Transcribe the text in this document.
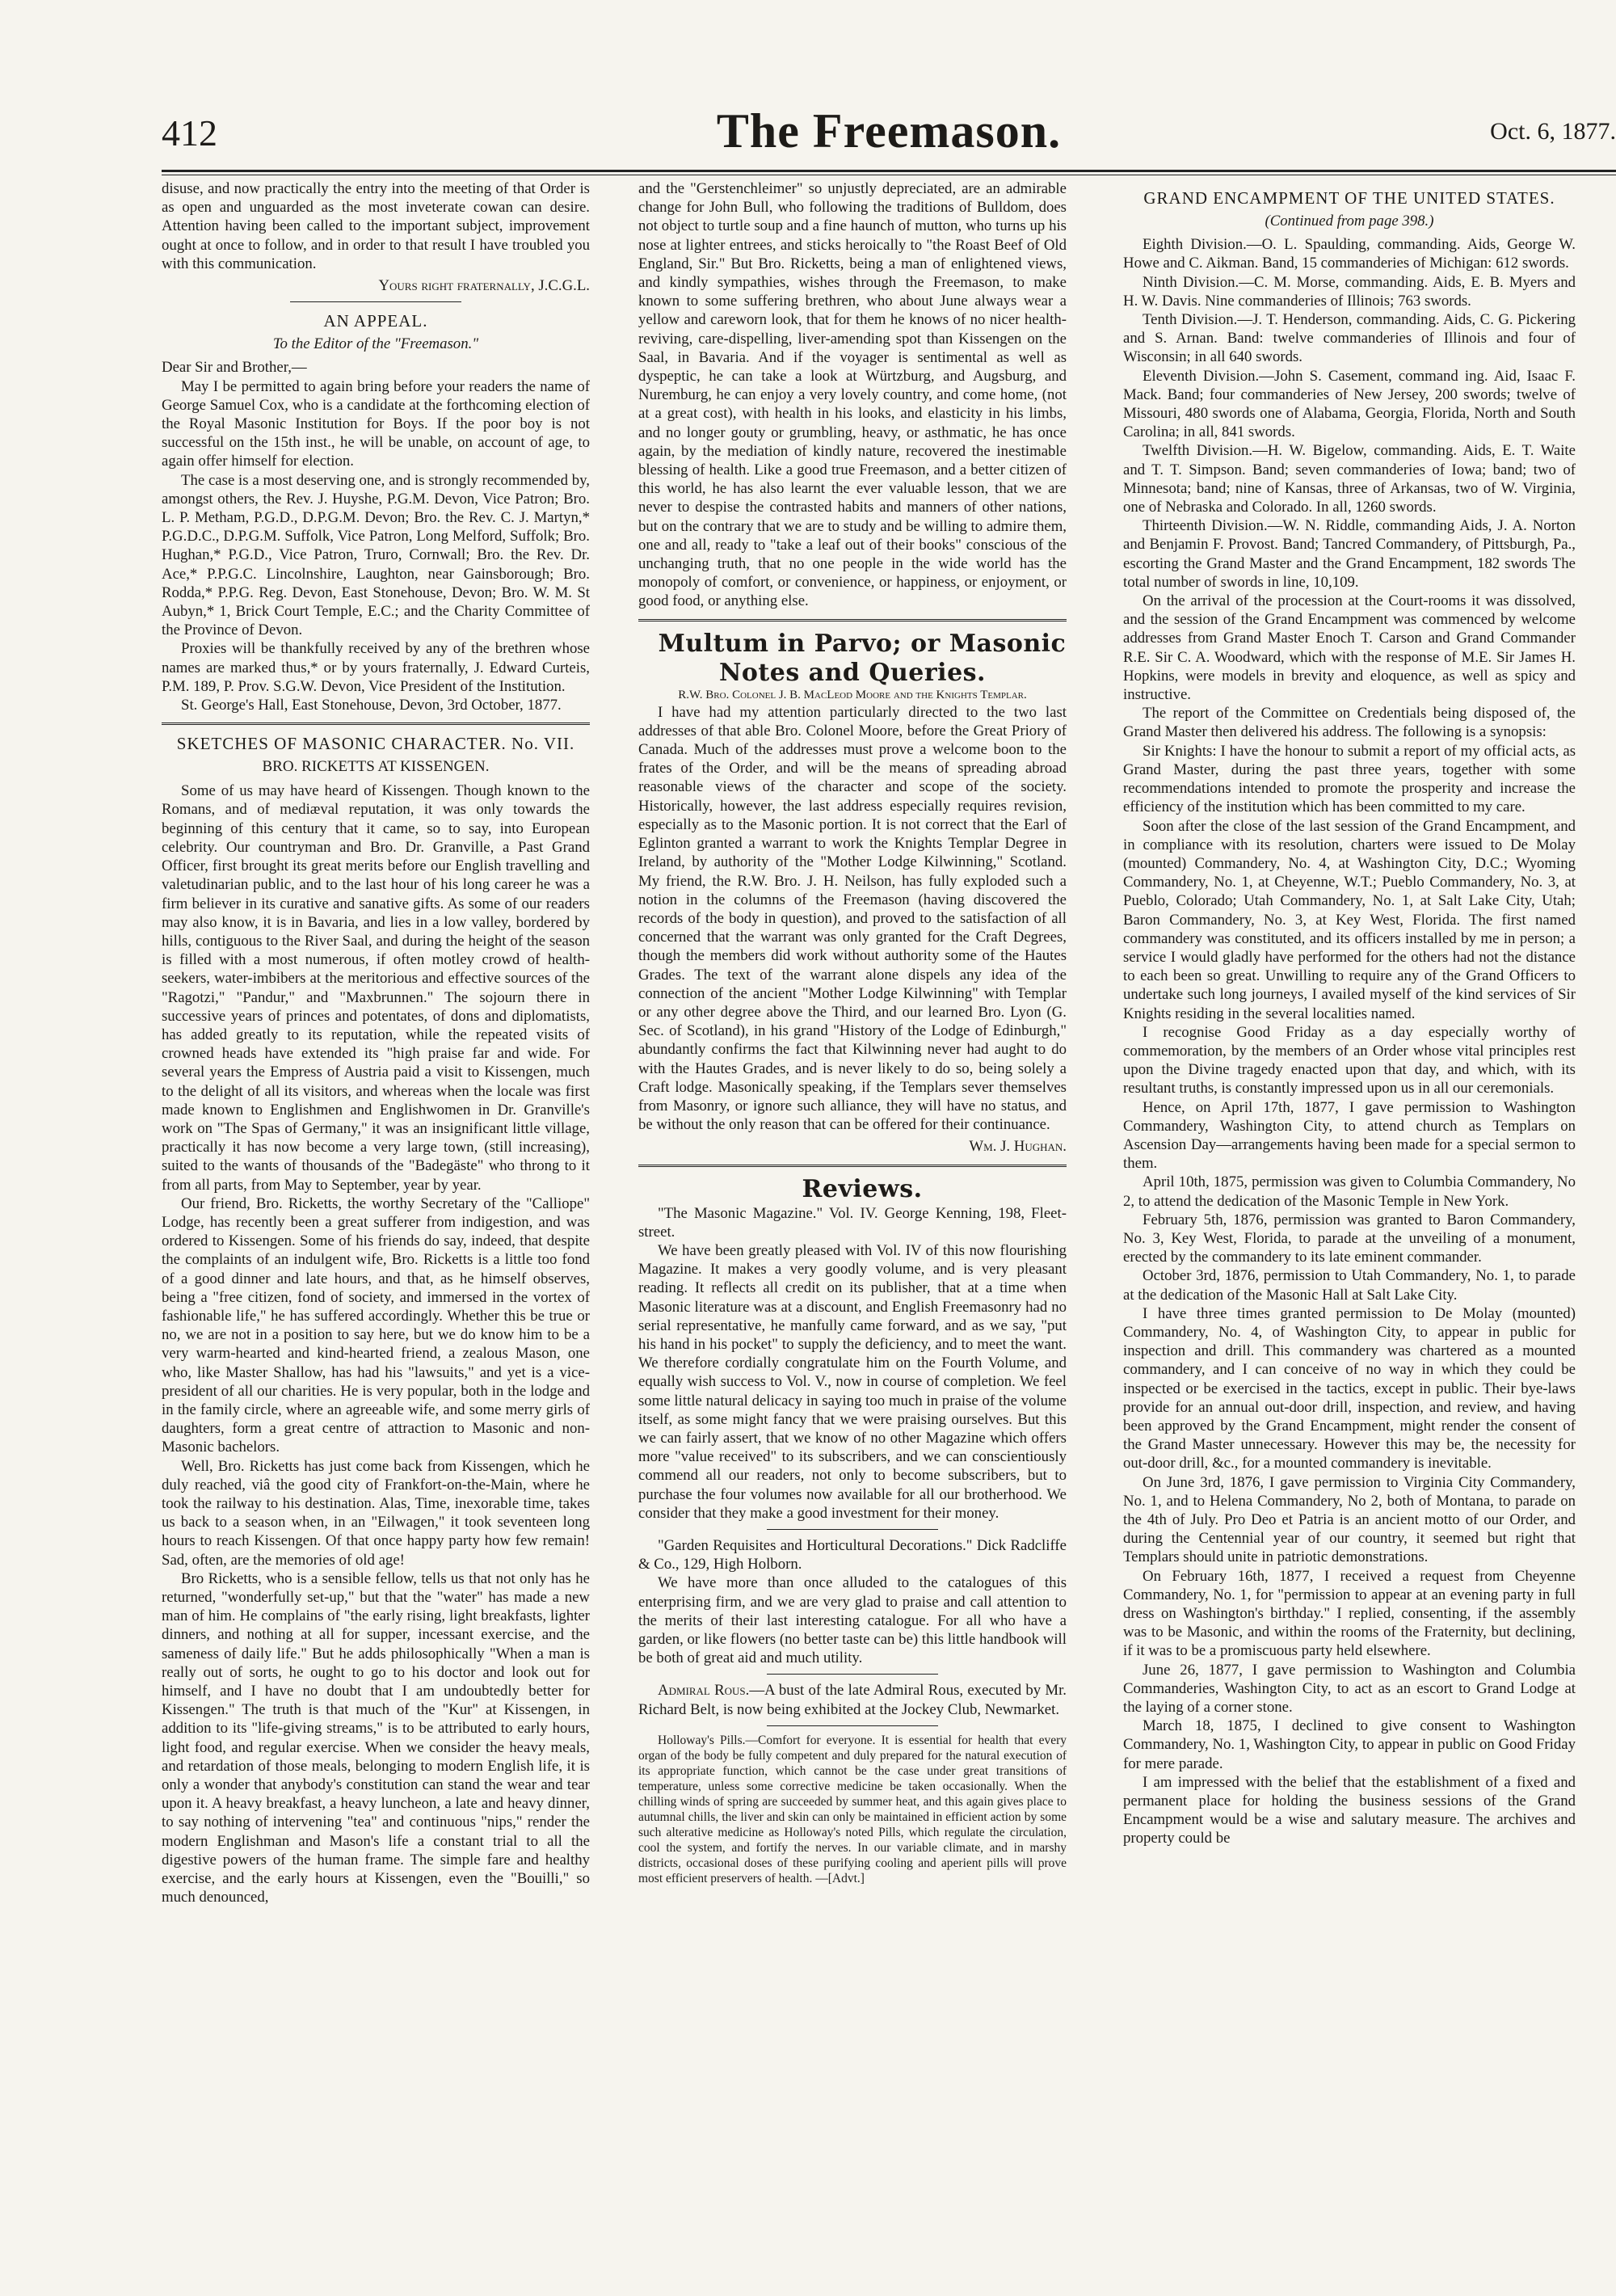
412	The Freemason.	Oct. 6, 1877.

disuse, and now practically the entry into the meeting of that Order is as open and unguarded as the most inveterate cowan can desire. Attention having been called to the important subject, improvement ought at once to follow, and in order to that result I have troubled you with this communication.

Yours right fraternally, J.C.G.L.

AN APPEAL.

To the Editor of the "Freemason."

Dear Sir and Brother,—

May I be permitted to again bring before your readers the name of George Samuel Cox, who is a candidate at the forthcoming election of the Royal Masonic Institution for Boys. If the poor boy is not successful on the 15th inst., he will be unable, on account of age, to again offer himself for election.

The case is a most deserving one, and is strongly recommended by, amongst others, the Rev. J. Huyshe, P.G.M. Devon, Vice Patron; Bro. L. P. Metham, P.G.D., D.P.G.M. Devon; Bro. the Rev. C. J. Martyn,* P.G.D.C., D.P.G.M. Suffolk, Vice Patron, Long Melford, Suffolk; Bro. Hughan,* P.G.D., Vice Patron, Truro, Cornwall; Bro. the Rev. Dr. Ace,* P.P.G.C. Lincolnshire, Laughton, near Gainsborough; Bro. Rodda,* P.P.G. Reg. Devon, East Stonehouse, Devon; Bro. W. M. St Aubyn,* 1, Brick Court Temple, E.C.; and the Charity Committee of the Province of Devon.

Proxies will be thankfully received by any of the brethren whose names are marked thus,* or by yours fraternally, J. Edward Curteis, P.M. 189, P. Prov. S.G.W. Devon, Vice President of the Institution.

St. George's Hall, East Stonehouse, Devon, 3rd October, 1877.

SKETCHES OF MASONIC CHARACTER. No. VII.
BRO. RICKETTS AT KISSENGEN.

Some of us may have heard of Kissengen. Though known to the Romans, and of mediæval reputation, it was only towards the beginning of this century that it came, so to say, into European celebrity. Our countryman and Bro. Dr. Granville, a Past Grand Officer, first brought its great merits before our English travelling and valetudinarian public, and to the last hour of his long career he was a firm believer in its curative and sanative gifts. As some of our readers may also know, it is in Bavaria, and lies in a low valley, bordered by hills, contiguous to the River Saal, and during the height of the season is filled with a most numerous, if often motley crowd of health-seekers, water-imbibers at the meritorious and effective sources of the "Ragotzi," "Pandur," and "Maxbrunnen." The sojourn there in successive years of princes and potentates, of dons and diplomatists, has added greatly to its reputation, while the repeated visits of crowned heads have extended its "high praise far and wide. For several years the Empress of Austria paid a visit to Kissengen, much to the delight of all its visitors, and whereas when the locale was first made known to Englishmen and Englishwomen in Dr. Granville's work on "The Spas of Germany," it was an insignificant little village, practically it has now become a very large town, (still increasing), suited to the wants of thousands of the "Badegäste" who throng to it from all parts, from May to September, year by year.

Our friend, Bro. Ricketts, the worthy Secretary of the "Calliope" Lodge, has recently been a great sufferer from indigestion, and was ordered to Kissengen. Some of his friends do say, indeed, that despite the complaints of an indulgent wife, Bro. Ricketts is a little too fond of a good dinner and late hours, and that, as he himself observes, being a "free citizen, fond of society, and immersed in the vortex of fashionable life," he has suffered accordingly. Whether this be true or no, we are not in a position to say here, but we do know him to be a very warm-hearted and kind-hearted friend, a zealous Mason, one who, like Master Shallow, has had his "lawsuits," and yet is a vice-president of all our charities. He is very popular, both in the lodge and in the family circle, where an agreeable wife, and some merry girls of daughters, form a great centre of attraction to Masonic and non-Masonic bachelors.

Well, Bro. Ricketts has just come back from Kissengen, which he duly reached, viâ the good city of Frankfort-on-the-Main, where he took the railway to his destination. Alas, Time, inexorable time, takes us back to a season when, in an "Eilwagen," it took seventeen long hours to reach Kissengen. Of that once happy party how few remain! Sad, often, are the memories of old age!

Bro Ricketts, who is a sensible fellow, tells us that not only has he returned, "wonderfully set-up," but that the "water" has made a new man of him. He complains of "the early rising, light breakfasts, lighter dinners, and nothing at all for supper, incessant exercise, and the sameness of daily life." But he adds philosophically "When a man is really out of sorts, he ought to go to his doctor and look out for himself, and I have no doubt that I am undoubtedly better for Kissengen." The truth is that much of the "Kur" at Kissengen, in addition to its "life-giving streams," is to be attributed to early hours, light food, and regular exercise. When we consider the heavy meals, and retardation of those meals, belonging to modern English life, it is only a wonder that anybody's constitution can stand the wear and tear upon it. A heavy breakfast, a heavy luncheon, a late and heavy dinner, to say nothing of intervening "tea" and continuous "nips," render the modern Englishman and Mason's life a constant trial to all the digestive powers of the human frame. The simple fare and healthy exercise, and the early hours at Kissengen, even the "Bouilli," so much denounced,

and the "Gerstenchleimer" so unjustly depreciated, are an admirable change for John Bull, who following the traditions of Bulldom, does not object to turtle soup and a fine haunch of mutton, who turns up his nose at lighter entrees, and sticks heroically to "the Roast Beef of Old England, Sir." But Bro. Ricketts, being a man of enlightened views, and kindly sympathies, wishes through the Freemason, to make known to some suffering brethren, who about June always wear a yellow and careworn look, that for them he knows of no nicer health-reviving, care-dispelling, liver-amending spot than Kissengen on the Saal, in Bavaria. And if the voyager is sentimental as well as dyspeptic, he can take a look at Würtzburg, and Augsburg, and Nuremburg, he can enjoy a very lovely country, and come home, (not at a great cost), with health in his looks, and elasticity in his limbs, and no longer gouty or grumbling, heavy, or asthmatic, he has once again, by the mediation of kindly nature, recovered the inestimable blessing of health. Like a good true Freemason, and a better citizen of this world, he has also learnt the ever valuable lesson, that we are never to despise the contrasted habits and manners of other nations, but on the contrary that we are to study and be willing to admire them, one and all, ready to "take a leaf out of their books" conscious of the unchanging truth, that no one people in the wide world has the monopoly of comfort, or convenience, or happiness, or enjoyment, or good food, or anything else.

Multum in Parvo; or Masonic Notes and Queries.

R.W. Bro. Colonel J. B. MacLeod Moore and the Knights Templar.

I have had my attention particularly directed to the two last addresses of that able Bro. Colonel Moore, before the Great Priory of Canada. Much of the addresses must prove a welcome boon to the frates of the Order, and will be the means of spreading abroad reasonable views of the character and scope of the society. Historically, however, the last address especially requires revision, especially as to the Masonic portion. It is not correct that the Earl of Eglinton granted a warrant to work the Knights Templar Degree in Ireland, by authority of the "Mother Lodge Kilwinning," Scotland. My friend, the R.W. Bro. J. H. Neilson, has fully exploded such a notion in the columns of the Freemason (having discovered the records of the body in question), and proved to the satisfaction of all concerned that the warrant was only granted for the Craft Degrees, though the members did work without authority some of the Hautes Grades. The text of the warrant alone dispels any idea of the connection of the ancient "Mother Lodge Kilwinning" with Templar or any other degree above the Third, and our learned Bro. Lyon (G. Sec. of Scotland), in his grand "History of the Lodge of Edinburgh," abundantly confirms the fact that Kilwinning never had aught to do with the Hautes Grades, and is never likely to do so, being solely a Craft lodge. Masonically speaking, if the Templars sever themselves from Masonry, or ignore such alliance, they will have no status, and be without the only reason that can be offered for their continuance.

Wm. J. Hughan.

Reviews.

"The Masonic Magazine." Vol. IV. George Kenning, 198, Fleet-street.

We have been greatly pleased with Vol. IV of this now flourishing Magazine. It makes a very goodly volume, and is very pleasant reading. It reflects all credit on its publisher, that at a time when Masonic literature was at a discount, and English Freemasonry had no serial representative, he manfully came forward, and as we say, "put his hand in his pocket" to supply the deficiency, and to meet the want. We therefore cordially congratulate him on the Fourth Volume, and equally wish success to Vol. V., now in course of completion. We feel some little natural delicacy in saying too much in praise of the volume itself, as some might fancy that we were praising ourselves. But this we can fairly assert, that we know of no other Magazine which offers more "value received" to its subscribers, and we can conscientiously commend all our readers, not only to become subscribers, but to purchase the four volumes now available for all our brotherhood. We consider that they make a good investment for their money.

"Garden Requisites and Horticultural Decorations." Dick Radcliffe & Co., 129, High Holborn.

We have more than once alluded to the catalogues of this enterprising firm, and we are very glad to praise and call attention to the merits of their last interesting catalogue. For all who have a garden, or like flowers (no better taste can be) this little handbook will be both of great aid and much utility.

Admiral Rous.—A bust of the late Admiral Rous, executed by Mr. Richard Belt, is now being exhibited at the Jockey Club, Newmarket.

Holloway's Pills.—Comfort for everyone. It is essential for health that every organ of the body be fully competent and duly prepared for the natural execution of its appropriate function, which cannot be the case under great transitions of temperature, unless some corrective medicine be taken occasionally. When the chilling winds of spring are succeeded by summer heat, and this again gives place to autumnal chills, the liver and skin can only be maintained in efficient action by some such alterative medicine as Holloway's noted Pills, which regulate the circulation, cool the system, and fortify the nerves. In our variable climate, and in marshy districts, occasional doses of these purifying cooling and aperient pills will prove most efficient preservers of health. —[Advt.]

GRAND ENCAMPMENT OF THE UNITED STATES.

(Continued from page 398.)

Eighth Division.—O. L. Spaulding, commanding. Aids, George W. Howe and C. Aikman. Band, 15 commanderies of Michigan: 612 swords.

Ninth Division.—C. M. Morse, commanding. Aids, E. B. Myers and H. W. Davis. Nine commanderies of Illinois; 763 swords.

Tenth Division.—J. T. Henderson, commanding. Aids, C. G. Pickering and S. Arnan. Band: twelve commanderies of Illinois and four of Wisconsin; in all 640 swords.

Eleventh Division.—John S. Casement, command ing. Aid, Isaac F. Mack. Band; four commanderies of New Jersey, 200 swords; twelve of Missouri, 480 swords one of Alabama, Georgia, Florida, North and South Carolina; in all, 841 swords.

Twelfth Division.—H. W. Bigelow, commanding. Aids, E. T. Waite and T. T. Simpson. Band; seven commanderies of Iowa; band; two of Minnesota; band; nine of Kansas, three of Arkansas, two of W. Virginia, one of Nebraska and Colorado. In all, 1260 swords.

Thirteenth Division.—W. N. Riddle, commanding Aids, J. A. Norton and Benjamin F. Provost. Band; Tancred Commandery, of Pittsburgh, Pa., escorting the Grand Master and the Grand Encampment, 182 swords The total number of swords in line, 10,109.

On the arrival of the procession at the Court-rooms it was dissolved, and the session of the Grand Encampment was commenced by welcome addresses from Grand Master Enoch T. Carson and Grand Commander R.E. Sir C. A. Woodward, which with the response of M.E. Sir James H. Hopkins, were models in brevity and eloquence, as well as spicy and instructive.

The report of the Committee on Credentials being disposed of, the Grand Master then delivered his address. The following is a synopsis:

Sir Knights: I have the honour to submit a report of my official acts, as Grand Master, during the past three years, together with some recommendations intended to promote the prosperity and increase the efficiency of the institution which has been committed to my care.

Soon after the close of the last session of the Grand Encampment, and in compliance with its resolution, charters were issued to De Molay (mounted) Commandery, No. 4, at Washington City, D.C.; Wyoming Commandery, No. 1, at Cheyenne, W.T.; Pueblo Commandery, No. 3, at Pueblo, Colorado; Utah Commandery, No. 1, at Salt Lake City, Utah; Baron Commandery, No. 3, at Key West, Florida. The first named commandery was constituted, and its officers installed by me in person; a service I would gladly have performed for the others had not the distance to each been so great. Unwilling to require any of the Grand Officers to undertake such long journeys, I availed myself of the kind services of Sir Knights residing in the several localities named.

I recognise Good Friday as a day especially worthy of commemoration, by the members of an Order whose vital principles rest upon the Divine tragedy enacted upon that day, and which, with its resultant truths, is constantly impressed upon us in all our ceremonials.

Hence, on April 17th, 1877, I gave permission to Washington Commandery, Washington City, to attend church as Templars on Ascension Day—arrangements having been made for a special sermon to them.

April 10th, 1875, permission was given to Columbia Commandery, No 2, to attend the dedication of the Masonic Temple in New York.

February 5th, 1876, permission was granted to Baron Commandery, No. 3, Key West, Florida, to parade at the unveiling of a monument, erected by the commandery to its late eminent commander.

October 3rd, 1876, permission to Utah Commandery, No. 1, to parade at the dedication of the Masonic Hall at Salt Lake City.

I have three times granted permission to De Molay (mounted) Commandery, No. 4, of Washington City, to appear in public for inspection and drill. This commandery was chartered as a mounted commandery, and I can conceive of no way in which they could be inspected or be exercised in the tactics, except in public. Their bye-laws provide for an annual out-door drill, inspection, and review, and having been approved by the Grand Encampment, might render the consent of the Grand Master unnecessary. However this may be, the necessity for out-door drill, &c., for a mounted commandery is inevitable.

On June 3rd, 1876, I gave permission to Virginia City Commandery, No. 1, and to Helena Commandery, No 2, both of Montana, to parade on the 4th of July. Pro Deo et Patria is an ancient motto of our Order, and during the Centennial year of our country, it seemed but right that Templars should unite in patriotic demonstrations.

On February 16th, 1877, I received a request from Cheyenne Commandery, No. 1, for "permission to appear at an evening party in full dress on Washington's birthday." I replied, consenting, if the assembly was to be Masonic, and within the rooms of the Fraternity, but declining, if it was to be a promiscuous party held elsewhere.

June 26, 1877, I gave permission to Washington and Columbia Commanderies, Washington City, to act as an escort to Grand Lodge at the laying of a corner stone.

March 18, 1875, I declined to give consent to Washington Commandery, No. 1, Washington City, to appear in public on Good Friday for mere parade.

I am impressed with the belief that the establishment of a fixed and permanent place for holding the business sessions of the Grand Encampment would be a wise and salutary measure. The archives and property could be
